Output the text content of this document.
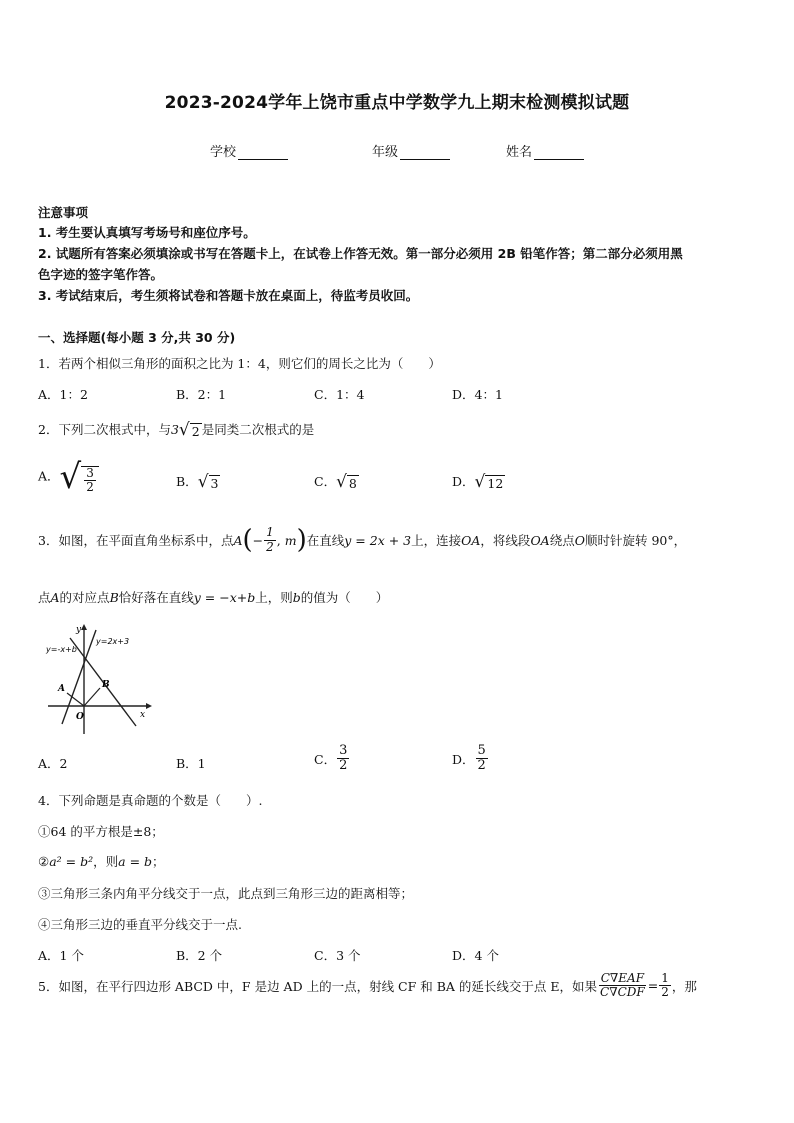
2023-2024学年上饶市重点中学数学九上期末检测模拟试题
学校	年级	姓名
注意事项
1. 考生要认真填写考场号和座位序号。
2. 试题所有答案必须填涂或书写在答题卡上，在试卷上作答无效。第一部分必须用 2B 铅笔作答；第二部分必须用黑
色字迹的签字笔作答。
3. 考试结束后，考生须将试卷和答题卡放在桌面上，待监考员收回。
一、选择题(每小题 3 分,共 30 分)
1．若两个相似三角形的面积之比为 1：4，则它们的周长之比为（　　）
A．1：2	B．2：1	C．1：4	D．4：1
2．下列二次根式中，与3 √ 2 是同类二次根式的是
A． √ $\frac{3}{2}$	B． √ 3	C． √ 8	D． √ 12
3．如图，在平面直角坐标系中，点 A ( − $\frac{1}{2}$ , m ) 在直线 y = 2x + 3 上，连接 OA ，将线段 OA 绕点 O 顺时针旋转 90°，
点A的对应点B恰好落在直线y = −x+b上，则b的值为（　　）
y
x
O
A	B
y=2x+3
y=-x+b
A．2	B．1	C． $\frac{3}{2}$	D． $\frac{5}{2}$
4．下列命题是真命题的个数是（　　）.
①64 的平方根是±8；
②a² = b²，则a = b；
③三角形三条内角平分线交于一点，此点到三角形三边的距离相等；
④三角形三边的垂直平分线交于一点.
A．1 个	B．2 个	C．3 个	D．4 个
5．如图，在平行四边形 ABCD 中，F 是边 AD 上的一点，射线 CF 和 BA 的延长线交于点 E，如果 $\frac{\text{C∇EAF}}{\text{C∇CDF}} = \frac{1}{2}$ ，那
